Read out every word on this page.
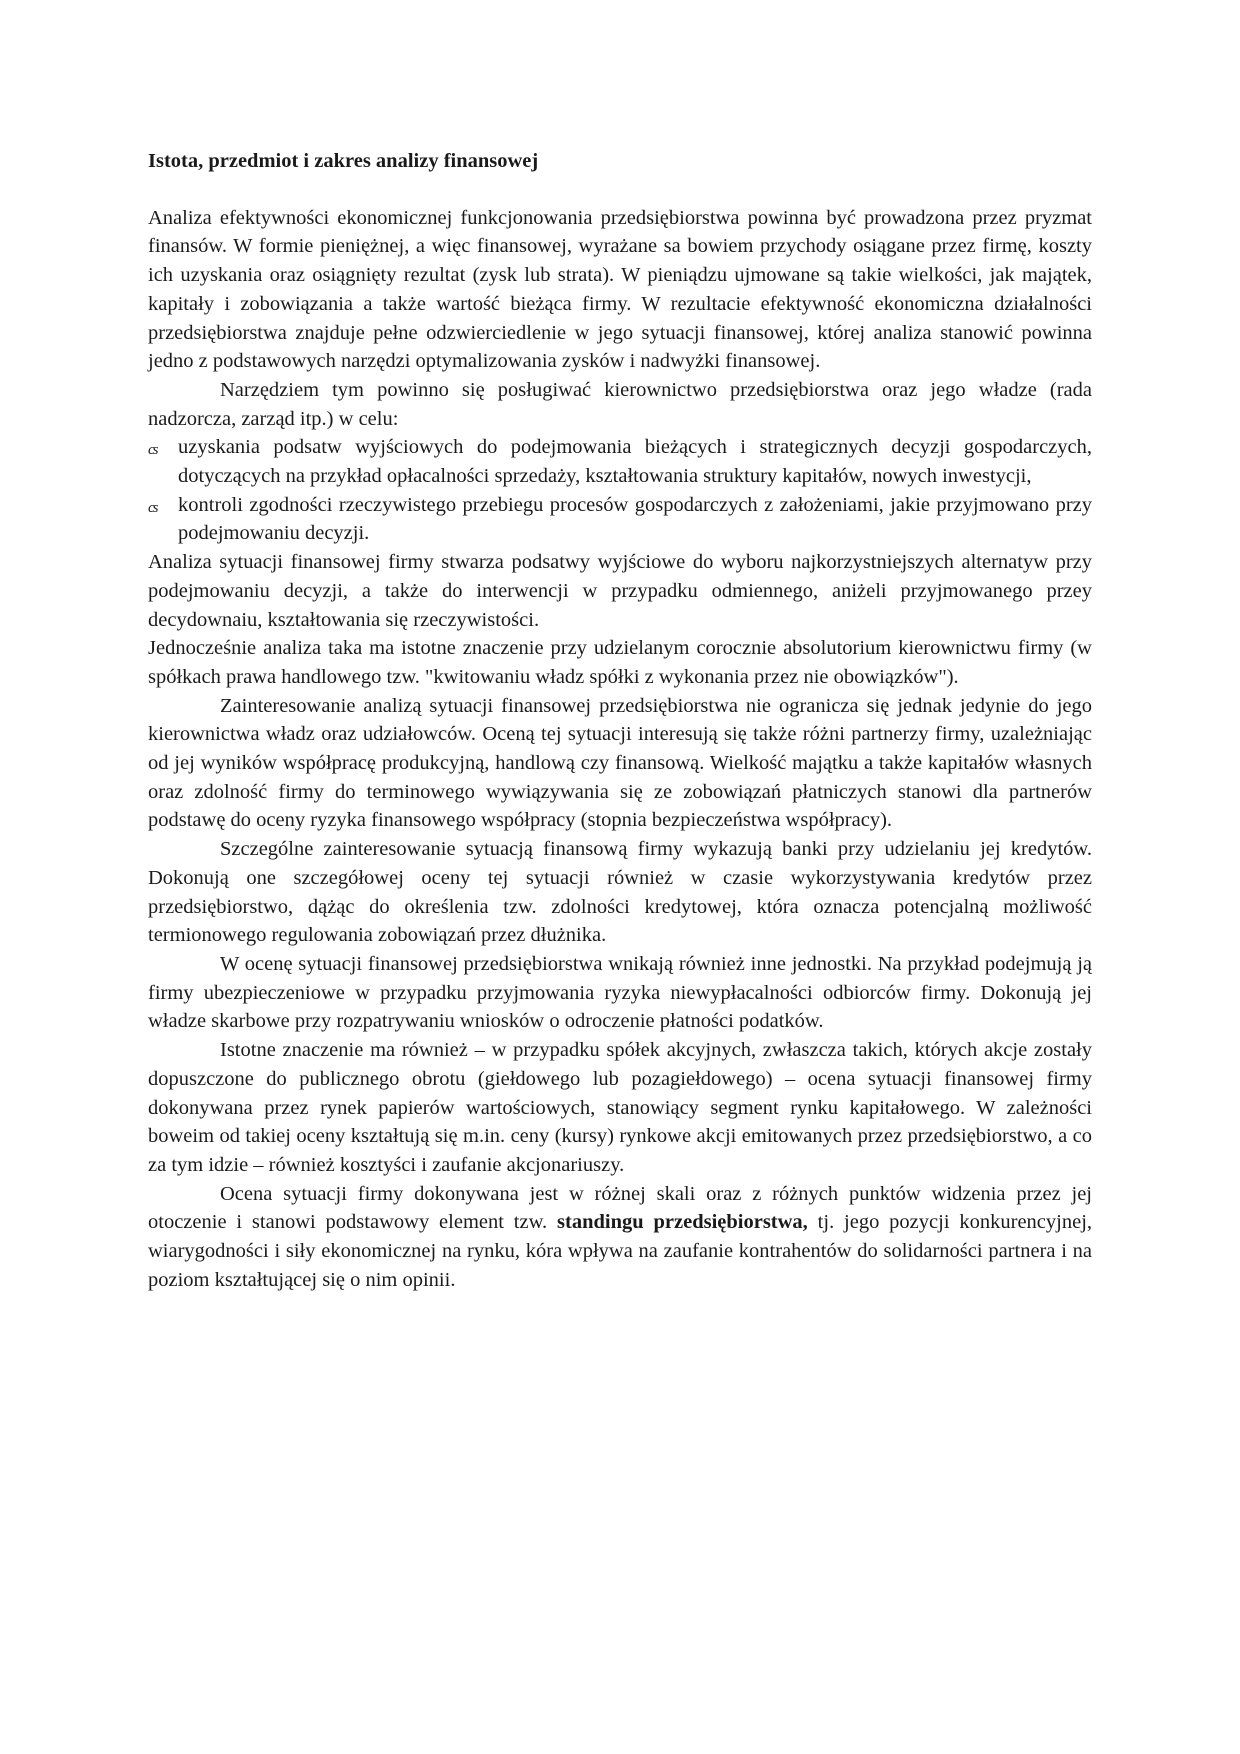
Istota, przedmiot i zakres analizy finansowej

Analiza efektywności ekonomicznej funkcjonowania przedsiębiorstwa powinna być prowadzona przez pryzmat finansów. W formie pieniężnej, a więc finansowej, wyrażane sa bowiem przychody osiągane przez firmę, koszty ich uzyskania oraz osiągnięty rezultat (zysk lub strata). W pieniądzu ujmowane są takie wielkości, jak majątek, kapitały i zobowiązania a także wartość bieżąca firmy. W rezultacie efektywność ekonomiczna działalności przedsiębiorstwa znajduje pełne odzwierciedlenie w jego sytuacji finansowej, której analiza stanowić powinna jedno z podstawowych narzędzi optymalizowania zysków i nadwyżki finansowej.

Narzędziem tym powinno się posługiwać kierownictwo przedsiębiorstwa oraz jego władze (rada nadzorcza, zarząd itp.) w celu:

cs uzyskania podsatw wyjściowych do podejmowania bieżących i strategicznych decyzji gospodarczych, dotyczących na przykład opłacalności sprzedaży, kształtowania struktury kapitałów, nowych inwestycji,
cs kontroli zgodności rzeczywistego przebiegu procesów gospodarczych z założeniami, jakie przyjmowano przy podejmowaniu decyzji.

Analiza sytuacji finansowej firmy stwarza podsatwy wyjściowe do wyboru najkorzystniejszych alternatyw przy podejmowaniu decyzji, a także do interwencji w przypadku odmiennego, aniżeli przyjmowanego przey decydownaiu, kształtowania się rzeczywistości.

Jednocześnie analiza taka ma istotne znaczenie przy udzielanym corocznie absolutorium kierownictwu firmy (w spółkach prawa handlowego tzw. "kwitowaniu władz spółki z wykonania przez nie obowiązków").

Zainteresowanie analizą sytuacji finansowej przedsiębiorstwa nie ogranicza się jednak jedynie do jego kierownictwa władz oraz udziałowców. Oceną tej sytuacji interesują się także różni partnerzy firmy, uzależniając od jej wyników współpracę produkcyjną, handlową czy finansową. Wielkość majątku a także kapitałów własnych oraz zdolność firmy do terminowego wywiązywania się ze zobowiązań płatniczych stanowi dla partnerów podstawę do oceny ryzyka finansowego współpracy (stopnia bezpieczeństwa współpracy).

Szczególne zainteresowanie sytuacją finansową firmy wykazują banki przy udzielaniu jej kredytów. Dokonują one szczegółowej oceny tej sytuacji również w czasie wykorzystywania kredytów przez przedsiębiorstwo, dążąc do określenia tzw. zdolności kredytowej, która oznacza potencjalną możliwość termionowego regulowania zobowiązań przez dłużnika.

W ocenę sytuacji finansowej przedsiębiorstwa wnikają również inne jednostki. Na przykład podejmują ją firmy ubezpieczeniowe w przypadku przyjmowania ryzyka niewypłacalności odbiorców firmy. Dokonują jej władze skarbowe przy rozpatrywaniu wniosków o odroczenie płatności podatków.

Istotne znaczenie ma również – w przypadku spółek akcyjnych, zwłaszcza takich, których akcje zostały dopuszczone do publicznego obrotu (giełdowego lub pozagiełdowego) – ocena sytuacji finansowej firmy dokonywana przez rynek papierów wartościowych, stanowiący segment rynku kapitałowego. W zależności boweim od takiej oceny kształtują się m.in. ceny (kursy) rynkowe akcji emitowanych przez przedsiębiorstwo, a co za tym idzie – również kosztyści i zaufanie akcjonariuszy.

Ocena sytuacji firmy dokonywana jest w różnej skali oraz z różnych punktów widzenia przez jej otoczenie i stanowi podstawowy element tzw. standingu przedsiębiorstwa, tj. jego pozycji konkurencyjnej, wiarygodności i siły ekonomicznej na rynku, kóra wpływa na zaufanie kontrahentów do solidarności partnera i na poziom kształtującej się o nim opinii.
